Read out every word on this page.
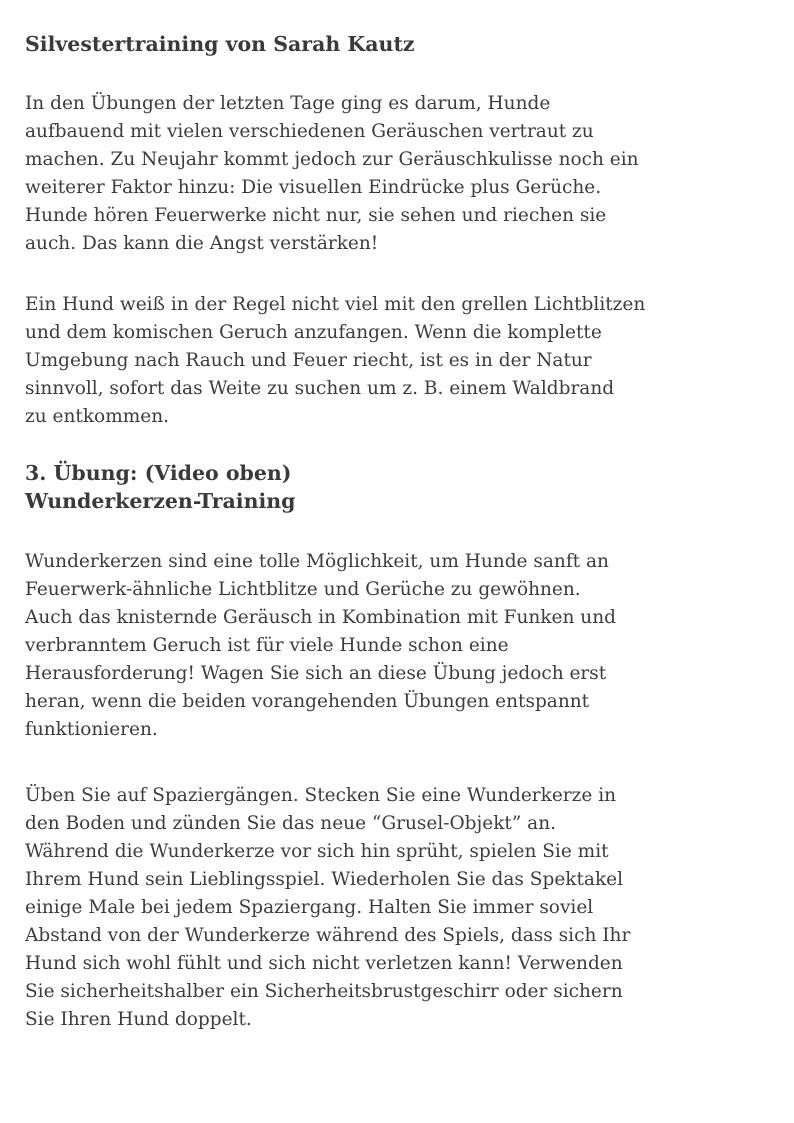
Silvestertraining von Sarah Kautz

In den Übungen der letzten Tage ging es darum, Hunde
aufbauend mit vielen verschiedenen Geräuschen vertraut zu
machen. Zu Neujahr kommt jedoch zur Geräuschkulisse noch ein
weiterer Faktor hinzu: Die visuellen Eindrücke plus Gerüche.
Hunde hören Feuerwerke nicht nur, sie sehen und riechen sie
auch. Das kann die Angst verstärken!

Ein Hund weiß in der Regel nicht viel mit den grellen Lichtblitzen
und dem komischen Geruch anzufangen. Wenn die komplette
Umgebung nach Rauch und Feuer riecht, ist es in der Natur
sinnvoll, sofort das Weite zu suchen um z. B. einem Waldbrand
zu entkommen.

3. Übung: (Video oben)
Wunderkerzen-Training

Wunderkerzen sind eine tolle Möglichkeit, um Hunde sanft an
Feuerwerk-ähnliche Lichtblitze und Gerüche zu gewöhnen.
Auch das knisternde Geräusch in Kombination mit Funken und
verbranntem Geruch ist für viele Hunde schon eine
Herausforderung! Wagen Sie sich an diese Übung jedoch erst
heran, wenn die beiden vorangehenden Übungen entspannt
funktionieren.

Üben Sie auf Spaziergängen. Stecken Sie eine Wunderkerze in
den Boden und zünden Sie das neue “Grusel-Objekt” an.
Während die Wunderkerze vor sich hin sprüht, spielen Sie mit
Ihrem Hund sein Lieblingsspiel. Wiederholen Sie das Spektakel
einige Male bei jedem Spaziergang. Halten Sie immer soviel
Abstand von der Wunderkerze während des Spiels, dass sich Ihr
Hund sich wohl fühlt und sich nicht verletzen kann! Verwenden
Sie sicherheitshalber ein Sicherheitsbrustgeschirr oder sichern
Sie Ihren Hund doppelt.
